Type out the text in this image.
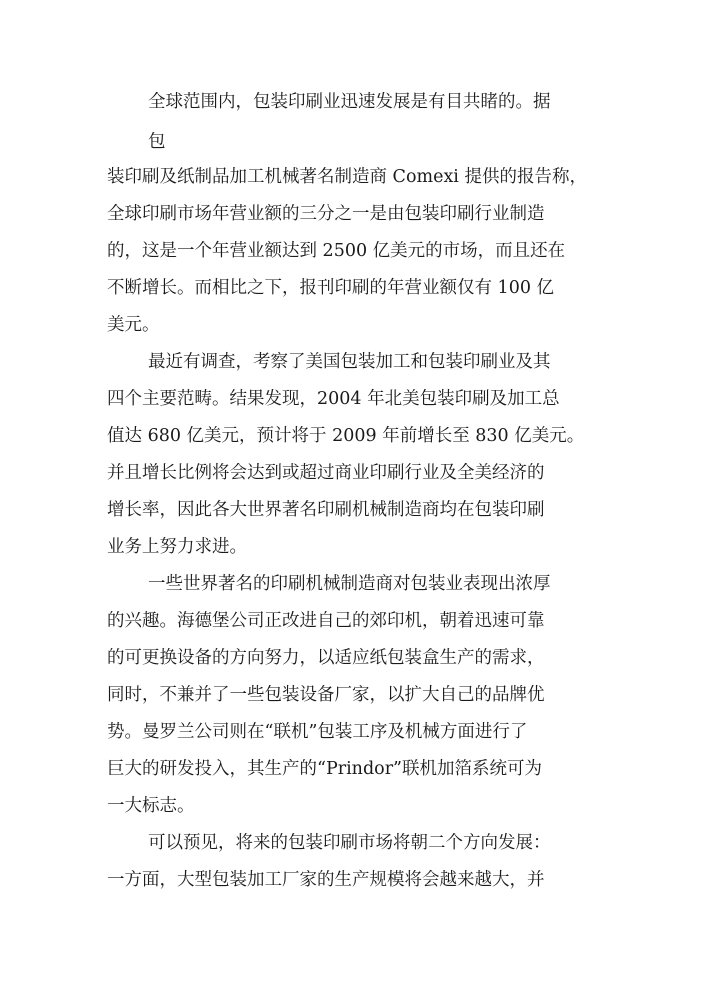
全球范围内，包装印刷业迅速发展是有目共睹的。据
包
装印刷及纸制品加工机械著名制造商 Comexi 提供的报告称，
全球印刷市场年营业额的三分之一是由包装印刷行业制造
的，这是一个年营业额达到 2500 亿美元的市场，而且还在
不断增长。而相比之下，报刊印刷的年营业额仅有 100 亿
美元。
最近有调查，考察了美国包装加工和包装印刷业及其
四个主要范畴。结果发现，2004 年北美包装印刷及加工总
值达 680 亿美元，预计将于 2009 年前增长至 830 亿美元。
并且增长比例将会达到或超过商业印刷行业及全美经济的
增长率，因此各大世界著名印刷机械制造商均在包装印刷
业务上努力求进。
一些世界著名的印刷机械制造商对包装业表现出浓厚
的兴趣。海德堡公司正改进自己的郊印机，朝着迅速可靠
的可更换设备的方向努力，以适应纸包装盒生产的需求，
同时，不兼并了一些包装设备厂家，以扩大自己的品牌优
势。曼罗兰公司则在“联机”包装工序及机械方面进行了
巨大的研发投入，其生产的“Prindor”联机加箔系统可为
一大标志。
可以预见，将来的包装印刷市场将朝二个方向发展：
一方面，大型包装加工厂家的生产规模将会越来越大，并
